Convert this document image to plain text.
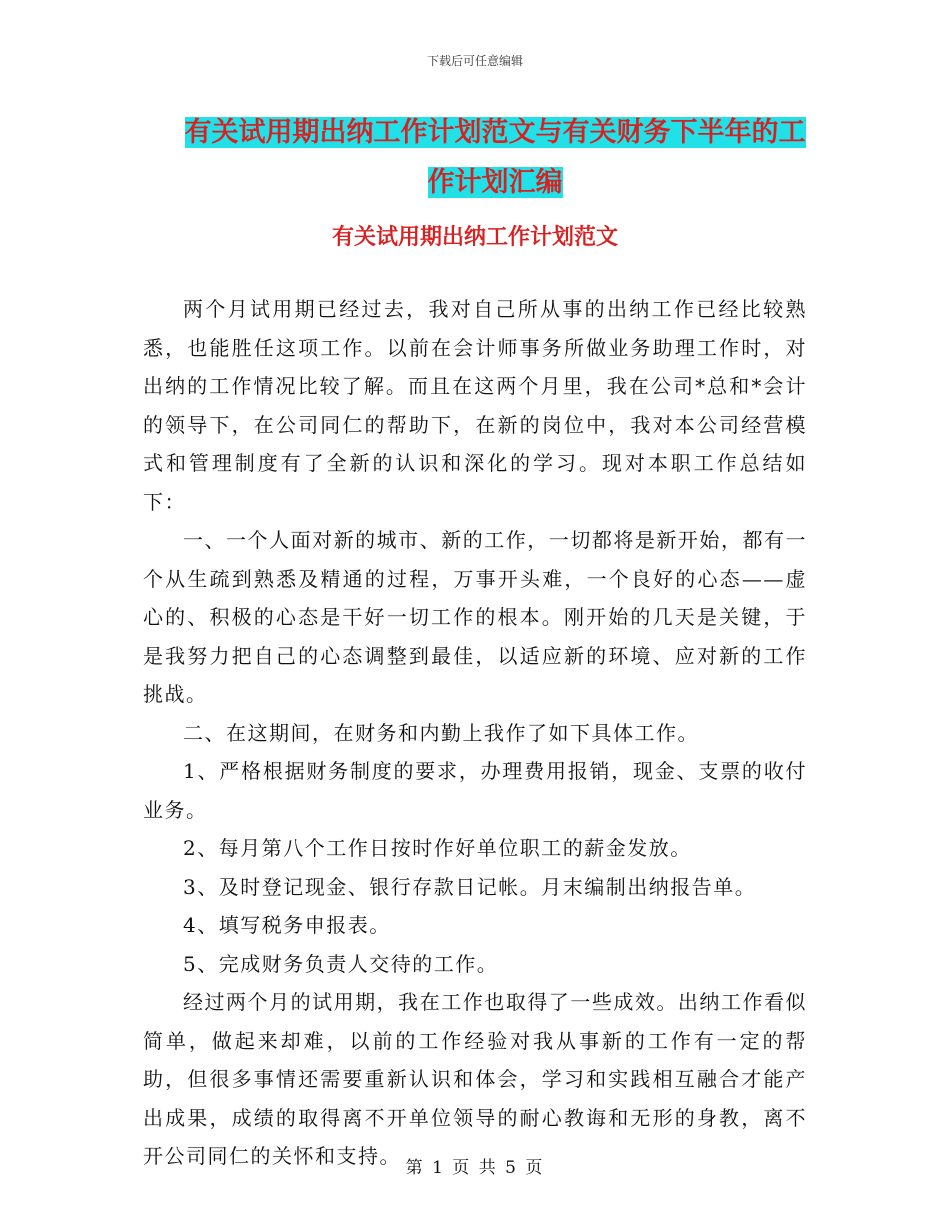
下载后可任意编辑
有关试用期出纳工作计划范文与有关财务下半年的工
作计划汇编
有关试用期出纳工作计划范文

两个月试用期已经过去，我对自己所从事的出纳工作已经比较熟悉，也能胜任这项工作。以前在会计师事务所做业务助理工作时，对出纳的工作情况比较了解。而且在这两个月里，我在公司*总和*会计的领导下，在公司同仁的帮助下，在新的岗位中，我对本公司经营模式和管理制度有了全新的认识和深化的学习。现对本职工作总结如下：

一、一个人面对新的城市、新的工作，一切都将是新开始，都有一个从生疏到熟悉及精通的过程，万事开头难，一个良好的心态——虚心的、积极的心态是干好一切工作的根本。刚开始的几天是关键，于是我努力把自己的心态调整到最佳，以适应新的环境、应对新的工作挑战。

二、在这期间，在财务和内勤上我作了如下具体工作。

1、严格根据财务制度的要求，办理费用报销，现金、支票的收付业务。

2、每月第八个工作日按时作好单位职工的薪金发放。

3、及时登记现金、银行存款日记帐。月末编制出纳报告单。

4、填写税务申报表。

5、完成财务负责人交待的工作。

经过两个月的试用期，我在工作也取得了一些成效。出纳工作看似简单，做起来却难，以前的工作经验对我从事新的工作有一定的帮助，但很多事情还需要重新认识和体会，学习和实践相互融合才能产出成果，成绩的取得离不开单位领导的耐心教诲和无形的身教，离不开公司同仁的关怀和支持。 第 1 页 共 5 页
